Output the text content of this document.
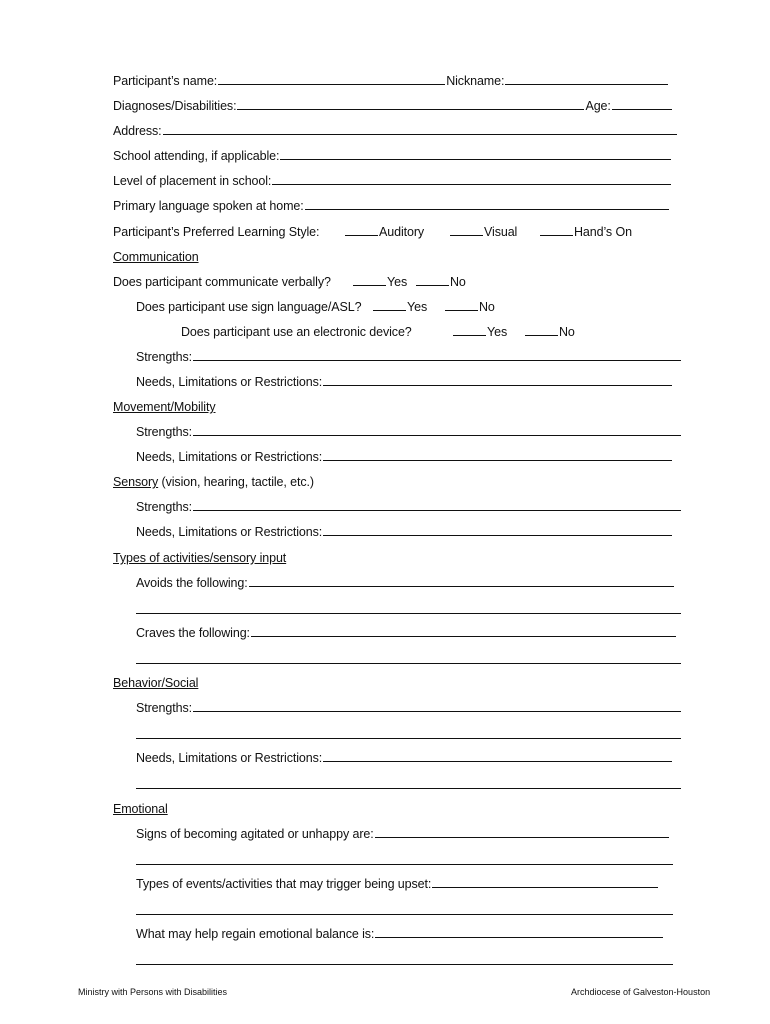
Participant’s name:	Nickname:
Diagnoses/Disabilities:	Age:
Address:
School attending, if applicable:
Level of placement in school:
Primary language spoken at home:
Participant’s Preferred Learning Style:	Auditory	Visual	Hand’s On
Communication
Does participant communicate verbally?	Yes	No
Does participant use sign language/ASL?	Yes	No
Does participant use an electronic device?	Yes	No
Strengths:
Needs, Limitations or Restrictions:
Movement/Mobility
Strengths:
Needs, Limitations or Restrictions:
Sensory (vision, hearing, tactile, etc.)
Strengths:
Needs, Limitations or Restrictions:
Types of activities/sensory input
Avoids the following:
Craves the following:
Behavior/Social
Strengths:
Needs, Limitations or Restrictions:
Emotional
Signs of becoming agitated or unhappy are:
Types of events/activities that may trigger being upset:
What may help regain emotional balance is:
Ministry with Persons with Disabilities	Archdiocese of Galveston-Houston
